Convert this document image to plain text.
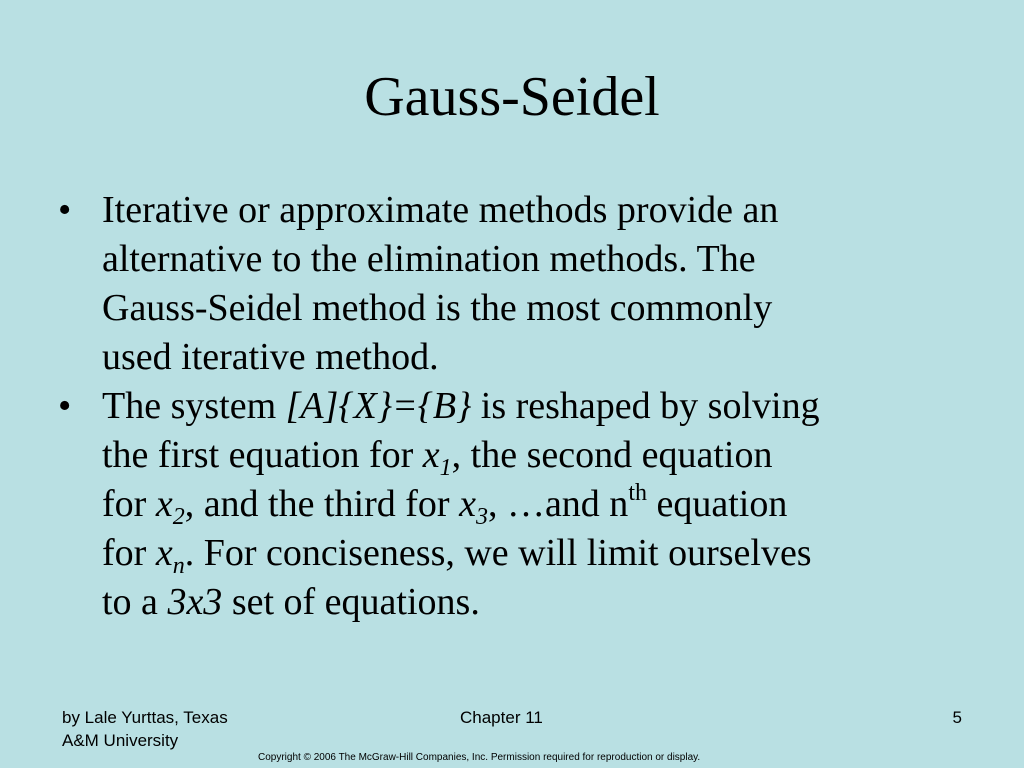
Gauss-Seidel
• Iterative or approximate methods provide an
alternative to the elimination methods. The
Gauss-Seidel method is the most commonly
used iterative method.
• The system [A]{X}={B} is reshaped by solving
the first equation for $x_1$, the second equation
for $x_2$, and the third for $x_3$, …and $n^{th}$ equation
for $x_n$. For conciseness, we will limit ourselves
to a 3x3 set of equations.
by Lale Yurttas, Texas
A&M University
Chapter 11	5
Copyright © 2006 The McGraw-Hill Companies, Inc. Permission required for reproduction or display.
